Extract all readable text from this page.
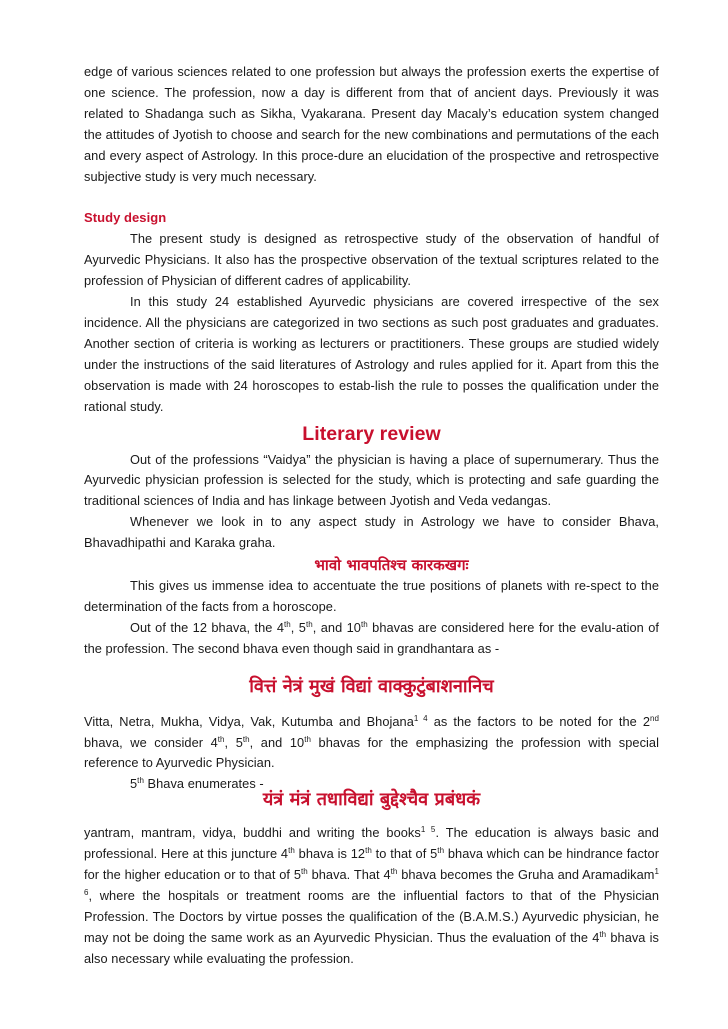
edge of various sciences related to one profession but always the profession exerts the expertise of one science. The profession, now a day is different from that of ancient days. Previously it was related to Shadanga such as Sikha, Vyakarana. Present day Macaly’s education system changed the attitudes of Jyotish to choose and search for the new combinations and permutations of the each and every aspect of Astrology. In this proce-dure an elucidation of the prospective and retrospective subjective study is very much necessary.

Study design

The present study is designed as retrospective study of the observation of handful of Ayurvedic Physicians. It also has the prospective observation of the textual scriptures related to the profession of Physician of different cadres of applicability.

In this study 24 established Ayurvedic physicians are covered irrespective of the sex incidence. All the physicians are categorized in two sections as such post graduates and graduates. Another section of criteria is working as lecturers or practitioners. These groups are studied widely under the instructions of the said literatures of Astrology and rules applied for it. Apart from this the observation is made with 24 horoscopes to estab-lish the rule to posses the qualification under the rational study.

Literary review

Out of the professions “Vaidya” the physician is having a place of supernumerary. Thus the Ayurvedic physician profession is selected for the study, which is protecting and safe guarding the traditional sciences of India and has linkage between Jyotish and Veda vedangas.

Whenever we look in to any aspect study in Astrology we have to consider Bhava, Bhavadhipathi and Karaka graha.

भावो भावपतिश्च कारकखगः

This gives us immense idea to accentuate the true positions of planets with re-spect to the determination of the facts from a horoscope.

Out of the 12 bhava, the 4th, 5th, and 10th bhavas are considered here for the evalu-ation of the profession. The second bhava even though said in grandhantara as -

वित्तं नेत्रं मुखं विद्यां वाक्कुटुंबाशनानिच

Vitta, Netra, Mukha, Vidya, Vak, Kutumba and Bhojana$^{1 4}$ as the factors to be noted for the 2nd bhava, we consider 4th, 5th, and 10th bhavas for the emphasizing the profession with special reference to Ayurvedic Physician.

5th Bhava enumerates -

यंत्रं मंत्रं तधाविद्यां बुद्देश्चैव प्रबंधकं

yantram, mantram, vidya, buddhi and writing the books$^{1 5}$. The education is always basic and professional. Here at this juncture 4th bhava is 12th to that of 5th bhava which can be hindrance factor for the higher education or to that of 5th bhava. That 4th bhava becomes the Gruha and Aramadikam$^{1 6}$, where the hospitals or treatment rooms are the influential factors to that of the Physician Profession. The Doctors by virtue posses the qualification of the (B.A.M.S.) Ayurvedic physician, he may not be doing the same work as an Ayurvedic Physician. Thus the evaluation of the 4th bhava is also necessary while evaluating the profession.
